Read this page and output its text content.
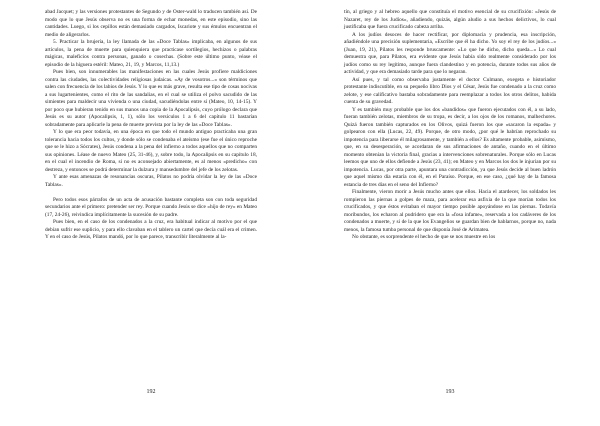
abad Jacquet; y las versiones protestantes de Segundo y de Oster-wald lo traducen también así. De modo que lo que Jesús observa no es una forma de echar monedas, en este episodio, sino las cantidades. Luego, si los cepillos están demasiado cargados, Iscariote y sus émulos encuentran el medio de aligerarlos.

5. Practicar la brujería, la ley llamada de las «Doce Tablas» implicaba, en algunos de sus artículos, la pena de muerte para quienquiera que practicase sortilegios, hechizos o palabras mágicas, maleficios contra personas, ganado o cosechas. (Sobre este último punto, véase el episodio de la higuera estéril: Mateo, 21, 19, y Marcos, 11,13.)

Pues bien, son innumerables las manifestaciones en las cuales Jesús profiere maldiciones contra las ciudades, las colectividades religiosas judaicas. «Ay de vosotros...» son términos que salen con frecuencia de los labios de Jesús. Y lo que es más grave, resulta ese tipo de cosas nocivas a sus lugartenientes, como el rito de las sandalias, en el cual se utiliza el polvo sacudido de las simientes para maldecir una vivienda o una ciudad, sacudiéndolas entre sí (Mateo, 10, 14-15). Y por poco que hubieran tenido en sus manos una copia de la Apocalipsis, cuyo prólogo declara que Jesús es su autor (Apocalipsis, 1, 1), sólo los versículos 1 a 6 del capítulo 11 bastarían sobradamente para aplicarle la pena de muerte prevista por la ley de las «Doce Tablas».

Y lo que era peor todavía, en una época en que todo el mundo antiguo practicaba una gran tolerancia hacia todos los cultos, y donde sólo se condenaba el ateísmo (ese fue el único reproche que se le hizo a Sócrates), Jesús condena a la pena del infierno a todos aquellos que no comparten sus opiniones. Léase de nuevo Mateo (25, 31-46), y, sobre todo, la Apocalipsis en su capítulo 18, en el cual el incendio de Roma, si no es aconsejado abiertamente, es al menos «predicho» con destreza, y entonces se podrá determinar la dulzura y mansedumbre del jefe de los zelotas.

Y ante esas amenazas de resonancias oscuras, Pilatos no podría olvidar la ley de las «Doce Tablas».

Pero todos esos párrafos de un acta de acusación bastante completa son con toda seguridad secundarios ante el primero: pretender ser rey. Porque cuando Jesús se dice «hijo de rey» en Mateo (17, 24-26), reivindica implícitamente la sucesión de su padre.

Pues bien, en el caso de los condenados a la cruz, era habitual indicar al motivo por el que debían sufrir ese suplicio, y para ello clavaban en el tablero un cartel que decía cuál era el crimen. Y en el caso de Jesús, Pilatos mandó, por lo que parece, transcribir literalmente al la-

192

tín, al griego y al hebreo aquello que constituía el motivo esencial de su crucifixión: «Jesús de Nazaret, rey de los Judíos», añadiendo, quizás, algún aludio a sus hechos delictivos, lo cual justificaba que fuera crucificado cabeza arriba.

A los judíos desoces de hacer rectificar, por diplomacia y prudencia, esa inscripción, añadiéndole una precisión suplementaria, «Escribe que él ha dicho. Yo soy el rey de los judíos...» (Juan, 19, 21), Pilatos les responde bruscamente: «Lo que he dicho, dicho queda...» Lo cual demuestra que, para Pilatos, era evidente que Jesús había sido realmente considerado por los judíos como su rey legítimo, aunque fuera clandestino y en potencia, durante todos sus años de actividad, y que era demasiado tarde para que lo negaran.

Así pues, y tal como observaba justamente el doctor Culmann, exegeta e historiador protestante indiscutible, en su pequeño libro Dios y el César, Jesús fue condenado a la cruz como zelote, y ese calificativo bastaba sobradamente para reemplazar a todos los otros delitos, habida cuenta de su gravedad.

Y es también muy probable que los dos «bandidos» que fueron ejecutados con él, a su lado, fueran también zelotas, miembros de su tropa, es decir, a los ojos de los romanos, malhechores. Quizá fueron también capturados en los Olivos, quizá fueron los que «sacaron la espada» y golpearon con ella (Lucas, 22, 49). Porque, de otro modo, ¿por qué le habrían reprochado su impotencia para liberarse él milagrosamente, y también a ellos? Es altamente probable, asimismo, que, en su desesperación, se acordaran de sus afirmaciones de antaño, cuando en el último momento obtenían la victoria final, gracias a intervenciones sobrenaturales. Porque sólo en Lucas leemos que uno de ellos defiende a Jesús (23, 41); en Mateo y en Marcos los dos le injurian por su impotencia. Lucas, por otra parte, apuntara una contradicción, ya que Jesús decide al buen ladrón que aquel mismo día estaría con él, en el Paraíso. Porque, en ese caso, ¿qué hay de la famosa estancia de tres días en el seno del Infierno?

Finalmente, vieron morir a Jesús mucho antes que ellos. Hacia el atardecer, los soldados les rompieron las piernas a golpes de maza, para acelerar esa asfixia de la que morían todos los crucificados, y que éstos evitaban el mayor tiempo posible apoyándose en las piernas. Todavía moribundos, los echaron al pudridero que era la «fosa infame», reservada a los cadáveres de los condenados a muerte, y si de la que los Evangelios se guardan bien de hablarnos, porque no, nada menos, la famosa tumba personal de que disponía José de Arimatea.

No obstante, es sorprendente el hecho de que se nos muestre en los

193
